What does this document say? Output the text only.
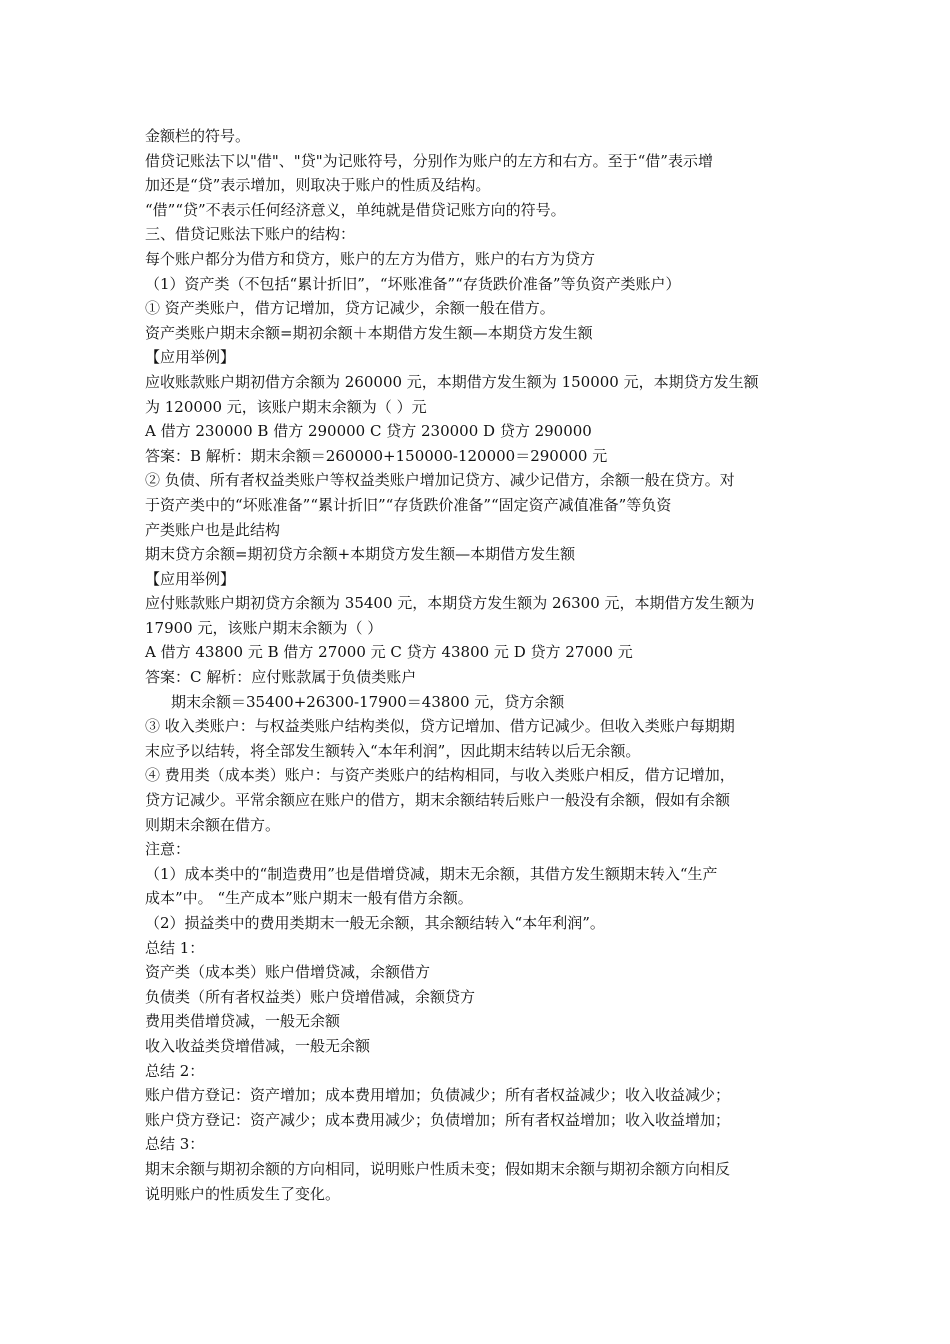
金额栏的符号。
借贷记账法下以"借"、"贷"为记账符号，分别作为账户的左方和右方。至于“借”表示增
加还是“贷”表示增加，则取决于账户的性质及结构。
“借”“贷”不表示任何经济意义，单纯就是借贷记账方向的符号。
三、借贷记账法下账户的结构：
每个账户都分为借方和贷方，账户的左方为借方，账户的右方为贷方
（1）资产类（不包括“累计折旧”，“坏账准备”“存货跌价准备”等负资产类账户）
① 资产类账户，借方记增加，贷方记减少，余额一般在借方。
资产类账户期末余额=期初余额＋本期借方发生额—本期贷方发生额
【应用举例】
应收账款账户期初借方余额为 260000 元，本期借方发生额为 150000 元，本期贷方发生额
为 120000 元，该账户期末余额为（ ）元
A 借方 230000 B 借方 290000 C 贷方 230000 D 贷方 290000
答案：B 解析：期末余额＝260000+150000-120000＝290000 元
② 负债、所有者权益类账户等权益类账户增加记贷方、减少记借方，余额一般在贷方。对
于资产类中的“坏账准备”“累计折旧”“存货跌价准备”“固定资产减值准备”等负资
产类账户也是此结构
期末贷方余额=期初贷方余额+本期贷方发生额—本期借方发生额
【应用举例】
应付账款账户期初贷方余额为 35400 元，本期贷方发生额为 26300 元，本期借方发生额为
17900 元，该账户期末余额为（ ）
A 借方 43800 元 B 借方 27000 元 C 贷方 43800 元 D 贷方 27000 元
答案：C 解析：应付账款属于负债类账户
期末余额＝35400+26300-17900＝43800 元，贷方余额
③ 收入类账户：与权益类账户结构类似，贷方记增加、借方记减少。但收入类账户每期期
末应予以结转，将全部发生额转入“本年利润”，因此期末结转以后无余额。
④ 费用类（成本类）账户：与资产类账户的结构相同，与收入类账户相反，借方记增加，
贷方记减少。平常余额应在账户的借方，期末余额结转后账户一般没有余额，假如有余额
则期末余额在借方。
注意：
（1）成本类中的“制造费用”也是借增贷减，期末无余额，其借方发生额期末转入“生产
成本”中。 “生产成本”账户期末一般有借方余额。
（2）损益类中的费用类期末一般无余额，其余额结转入“本年利润”。
总结 1：
资产类（成本类）账户借增贷减，余额借方
负债类（所有者权益类）账户贷增借减，余额贷方
费用类借增贷减，一般无余额
收入收益类贷增借减，一般无余额
总结 2：
账户借方登记：资产增加；成本费用增加；负债减少；所有者权益减少；收入收益减少；
账户贷方登记：资产减少；成本费用减少；负债增加；所有者权益增加；收入收益增加；
总结 3：
期末余额与期初余额的方向相同，说明账户性质未变；假如期末余额与期初余额方向相反
说明账户的性质发生了变化。
